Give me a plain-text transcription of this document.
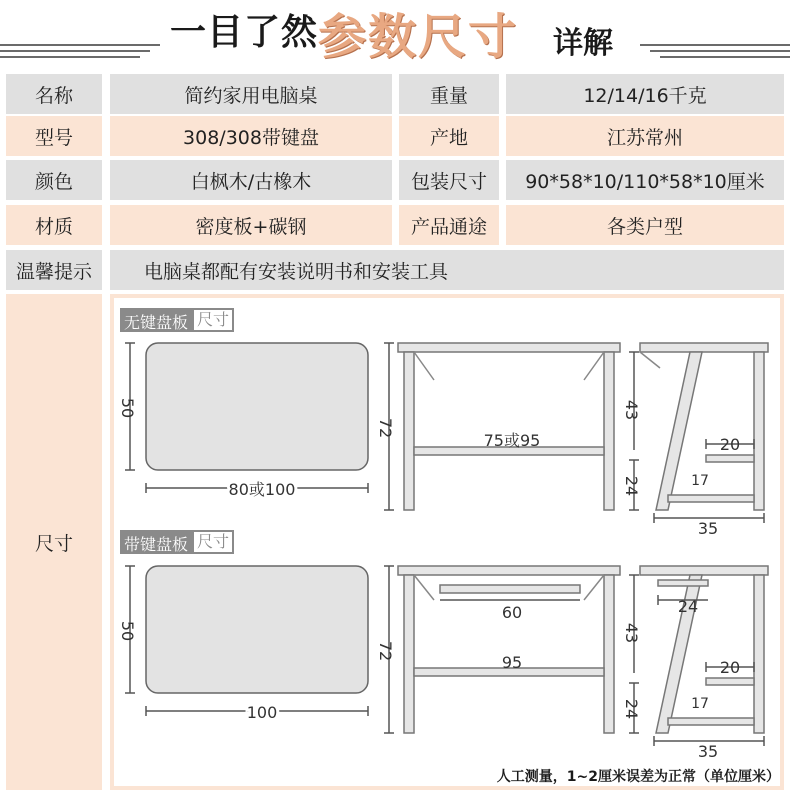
一目了然 参数尺寸 详解
名称	简约家用电脑桌	重量	12/14/16千克
型号	308/308带键盘	产地	江苏常州
颜色	白枫木/古橡木	包装尺寸	90*58*10/110*58*10厘米
材质	密度板+碳钢	产品通途	各类户型
温馨提示	电脑桌都配有安装说明书和安装工具
尺寸
无键盘板 尺寸
带键盘板 尺寸
50
80或100
72
75或95
43
24
20
17
35
50
100
72
60
95
24
43
24
20
17
35
人工测量，1~2厘米误差为正常（单位厘米）
